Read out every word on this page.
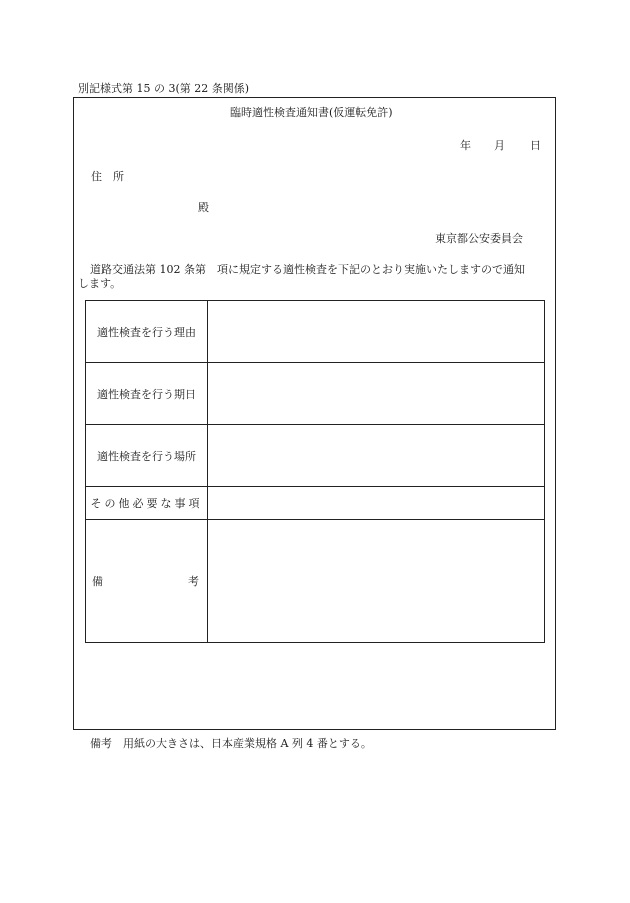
別記様式第 15 の 3(第 22 条関係)
臨時適性検査通知書(仮運転免許)
年 月 日
住　所
殿
東京都公安委員会
道路交通法第 102 条第　項に規定する適性検査を下記のとおり実施いたしますので通知
します。
適性検査を行う理由
適性検査を行う期日
適性検査を行う場所
その他必要な事項
備	考
備考　用紙の大きさは、日本産業規格 A 列 4 番とする。
